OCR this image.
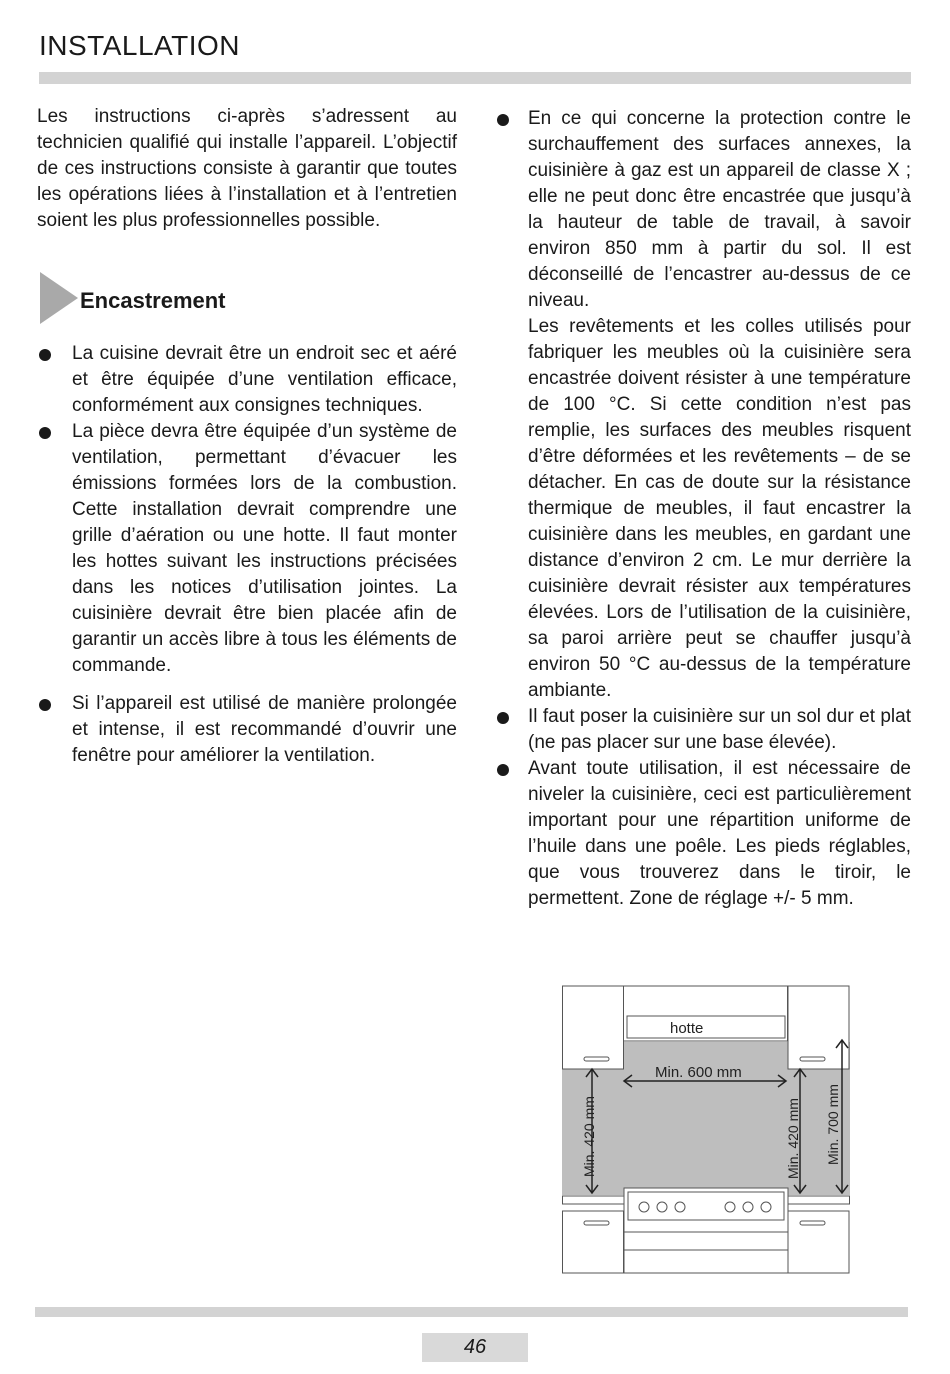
INSTALLATION

Les instructions ci-après s’adressent au technicien qualifié qui installe l’appareil. L’objectif de ces instructions consiste à garantir que toutes les opérations liées à l’installation et à l’entretien soient les plus professionnelles possible.

Encastrement

La cuisine devrait être un endroit sec et aéré et être équipée d’une ventilation efficace, conformément aux consignes techniques.

La pièce devra être équipée d’un système de ventilation, permettant d’évacuer les émissions formées lors de la combustion. Cette installation devrait comprendre une grille d’aération ou une hotte. Il faut monter les hottes suivant les instructions précisées dans les notices d’utilisation jointes. La cuisinière devrait être bien placée afin de garantir un accès libre à tous les éléments de commande.

Si l’appareil est utilisé de manière prolongée et intense, il est recommandé d’ouvrir une fenêtre pour améliorer la ventilation.

En ce qui concerne la protection contre le surchauffement des surfaces annexes, la cuisinière à gaz est un appareil de classe X ; elle ne peut donc être encastrée que jusqu’à la hauteur de table de travail, à savoir environ 850 mm à partir du sol. Il est déconseillé de l’encastrer au-dessus de ce niveau.

Les revêtements et les colles utilisés pour fabriquer les meubles où la cuisinière sera encastrée doivent résister à une température de 100 °C. Si cette condition n’est pas remplie, les surfaces des meubles risquent d’être déformées et les revêtements – de se détacher. En cas de doute sur la résistance thermique de meubles, il faut encastrer la cuisinière dans les meubles, en gardant une distance d’environ 2 cm. Le mur derrière la cuisinière devrait résister aux températures élevées. Lors de l’utilisation de la cuisinière, sa paroi arrière peut se chauffer jusqu’à environ 50 °C au-dessus de la température ambiante.

Il faut poser la cuisinière sur un sol dur et plat (ne pas placer sur une base élevée).

Avant toute utilisation, il est nécessaire de niveler la cuisinière, ceci est particulièrement important pour une répartition uniforme de l’huile dans une poêle. Les pieds réglables, que vous trouverez dans le tiroir, le permettent. Zone de réglage +/- 5 mm.

hotte
Min. 600 mm
Min. 420 mm	Min. 420 mm Min. 700 mm
46
